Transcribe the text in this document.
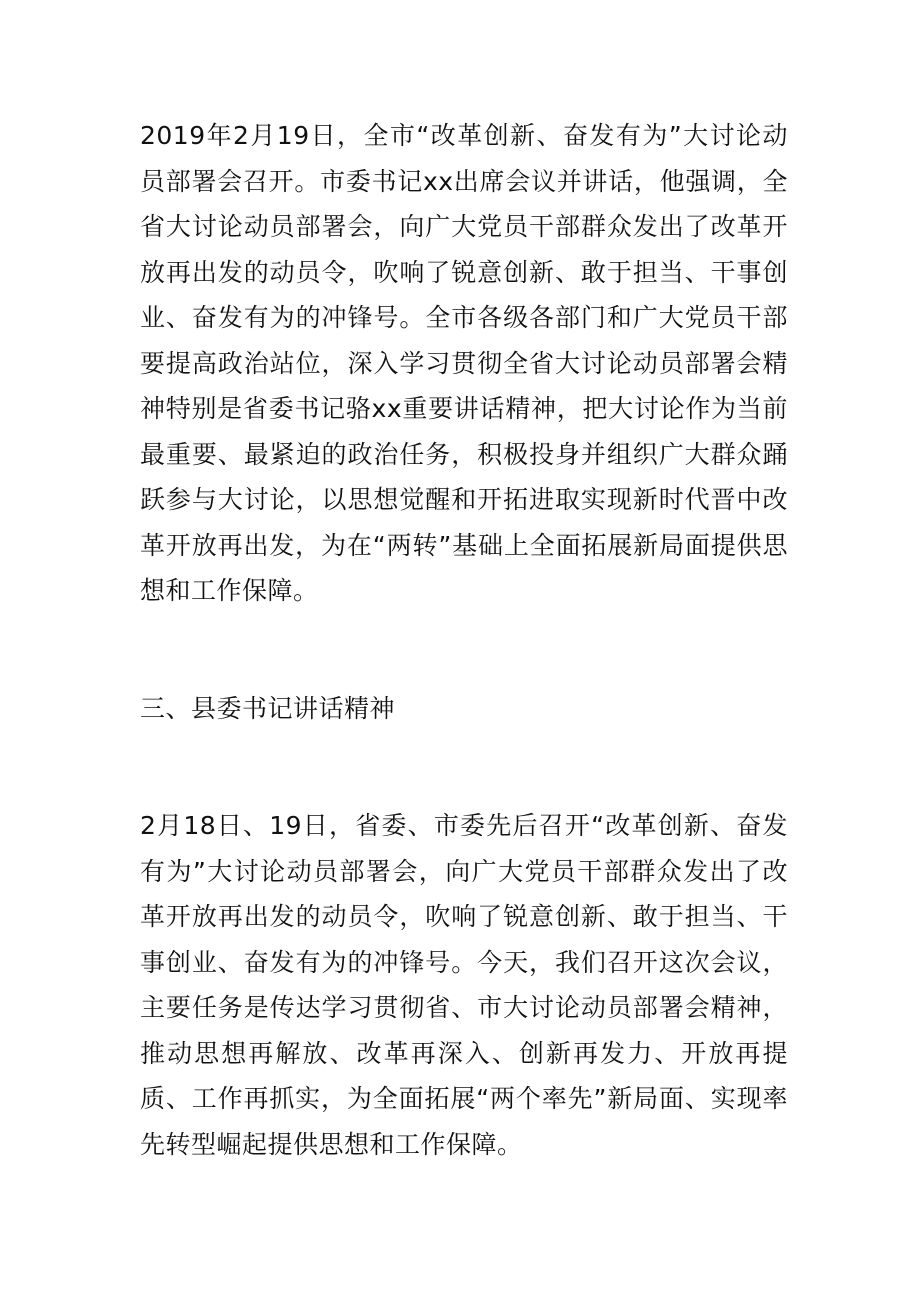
2019年2月19日，全市“改革创新、奋发有为”大讨论动员部署会召开。市委书记xx出席会议并讲话，他强调，全省大讨论动员部署会，向广大党员干部群众发出了改革开放再出发的动员令，吹响了锐意创新、敢于担当、干事创业、奋发有为的冲锋号。全市各级各部门和广大党员干部要提高政治站位，深入学习贯彻全省大讨论动员部署会精神特别是省委书记骆xx重要讲话精神，把大讨论作为当前最重要、最紧迫的政治任务，积极投身并组织广大群众踊跃参与大讨论，以思想觉醒和开拓进取实现新时代晋中改革开放再出发，为在“两转”基础上全面拓展新局面提供思想和工作保障。

三、县委书记讲话精神

2月18日、19日，省委、市委先后召开“改革创新、奋发有为”大讨论动员部署会，向广大党员干部群众发出了改革开放再出发的动员令，吹响了锐意创新、敢于担当、干事创业、奋发有为的冲锋号。今天，我们召开这次会议，主要任务是传达学习贯彻省、市大讨论动员部署会精神，推动思想再解放、改革再深入、创新再发力、开放再提质、工作再抓实，为全面拓展“两个率先”新局面、实现率先转型崛起提供思想和工作保障。
